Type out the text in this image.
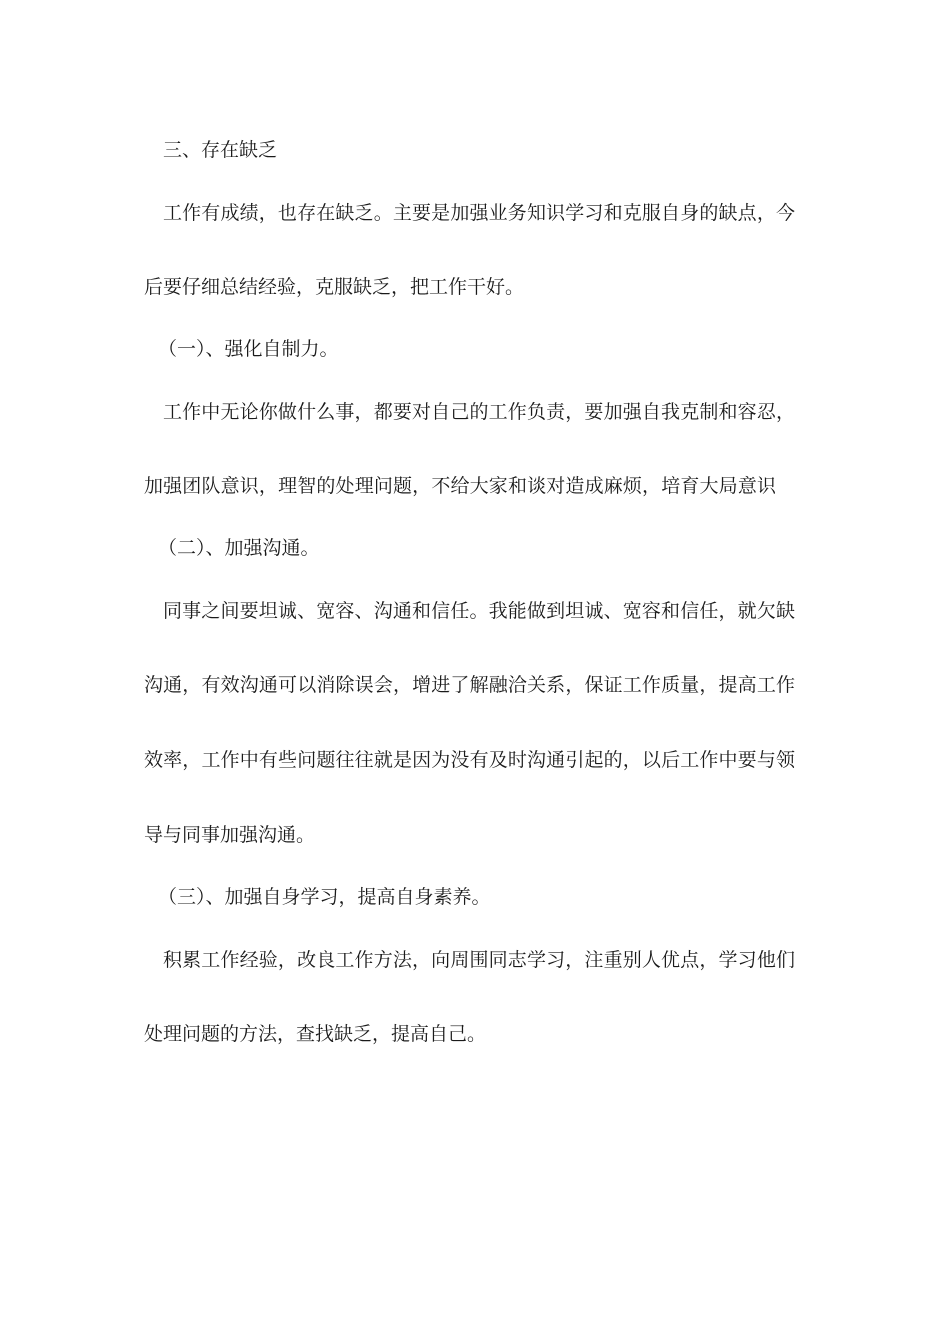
三、存在缺乏
工作有成绩，也存在缺乏。主要是加强业务知识学习和克服自身的缺点，今
后要仔细总结经验，克服缺乏，把工作干好。
（一）、强化自制力。
工作中无论你做什么事，都要对自己的工作负责，要加强自我克制和容忍，
加强团队意识，理智的处理问题，不给大家和谈对造成麻烦，培育大局意识
（二）、加强沟通。
同事之间要坦诚、宽容、沟通和信任。我能做到坦诚、宽容和信任，就欠缺
沟通，有效沟通可以消除误会，增进了解融洽关系，保证工作质量，提高工作
效率，工作中有些问题往往就是因为没有及时沟通引起的，以后工作中要与领
导与同事加强沟通。
（三）、加强自身学习，提高自身素养。
积累工作经验，改良工作方法，向周围同志学习，注重别人优点，学习他们
处理问题的方法，查找缺乏，提高自己。
